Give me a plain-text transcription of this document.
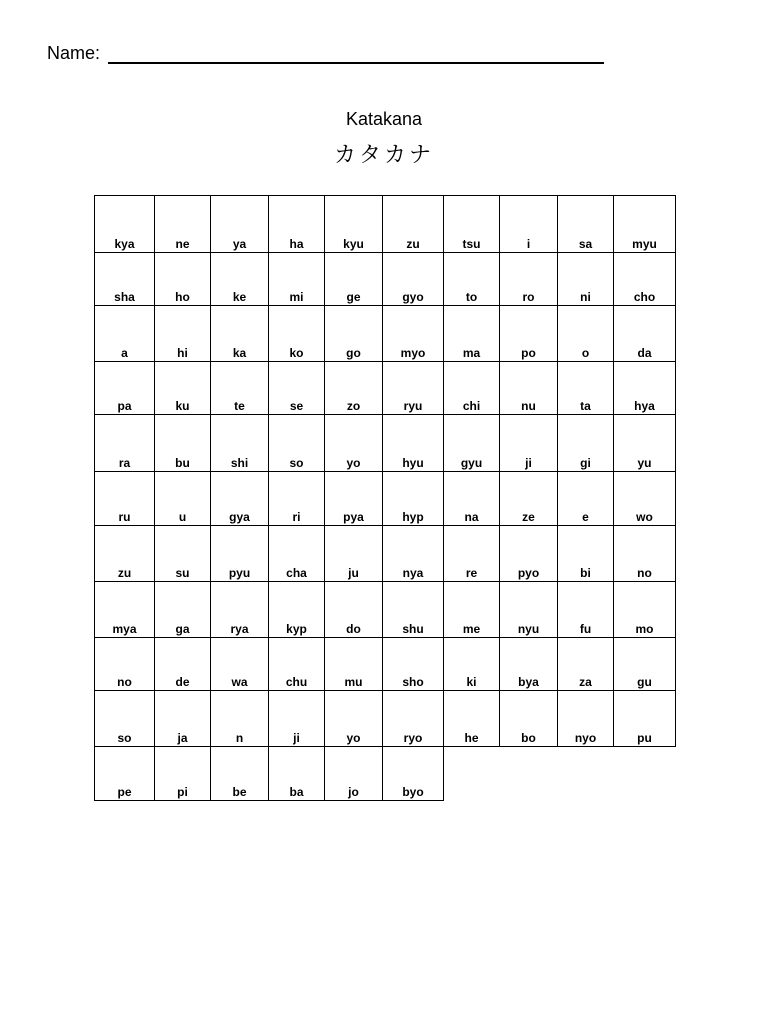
Name:
Katakana
カタカナ
kya	ne	ya	ha	kyu	zu	tsu	i	sa	myu
sha	ho	ke	mi	ge	gyo	to	ro	ni	cho
a	hi	ka	ko	go	myo	ma	po	o	da
pa	ku	te	se	zo	ryu	chi	nu	ta	hya
ra	bu	shi	so	yo	hyu	gyu	ji	gi	yu
ru	u	gya	ri	pya	hyp	na	ze	e	wo
zu	su	pyu	cha	ju	nya	re	pyo	bi	no
mya	ga	rya	kyp	do	shu	me	nyu	fu	mo
no	de	wa	chu	mu	sho	ki	bya	za	gu
so	ja	n	ji	yo	ryo	he	bo	nyo	pu
pe	pi	be	ba	jo	byo
